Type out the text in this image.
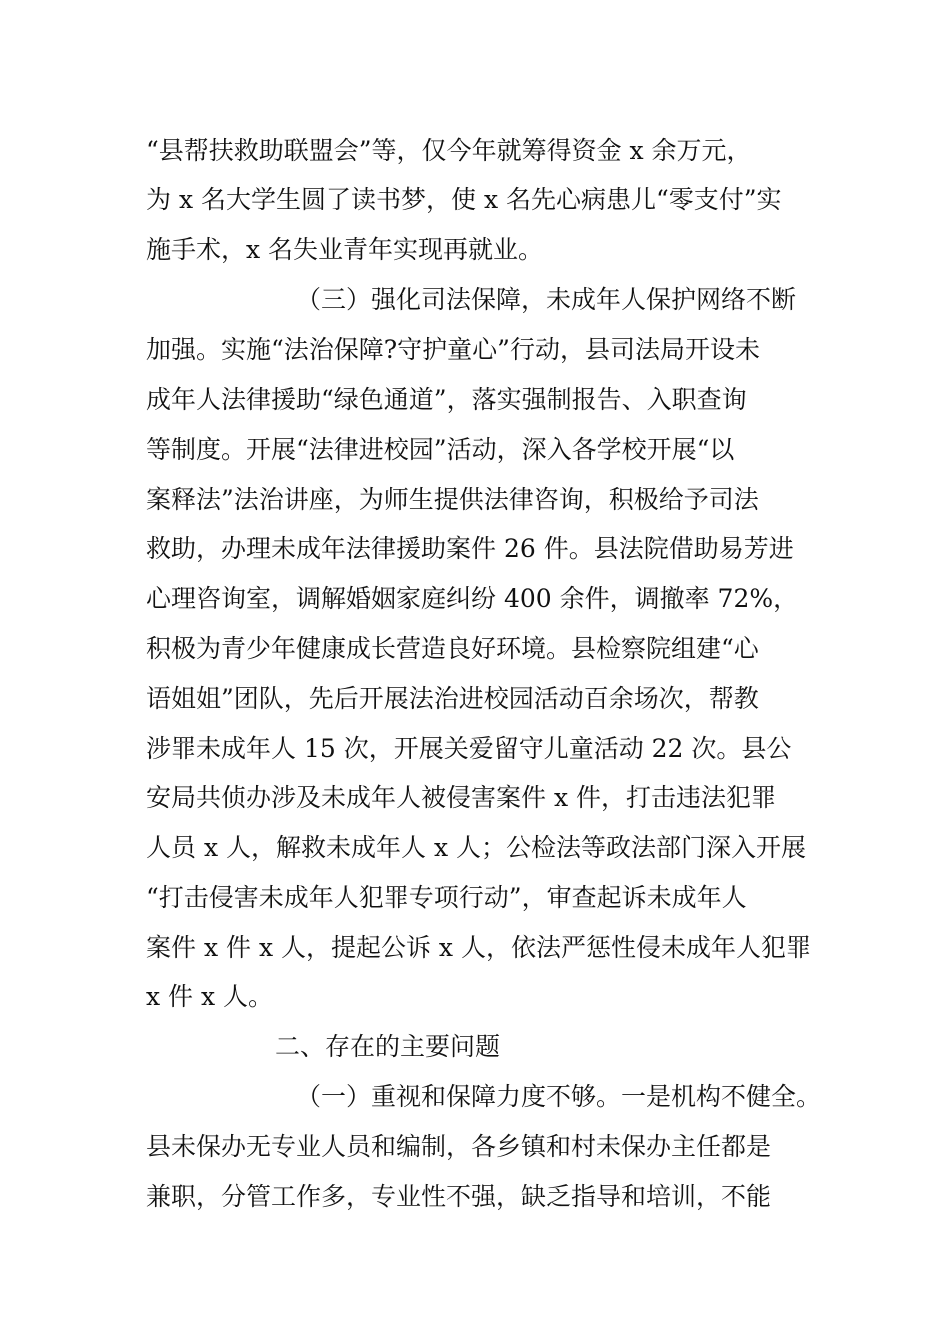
“县帮扶救助联盟会”等，仅今年就筹得资金 x 余万元，
为 x 名大学生圆了读书梦，使 x 名先心病患儿“零支付”实
施手术，x 名失业青年实现再就业。
（三）强化司法保障，未成年人保护网络不断
加强。实施“法治保障?守护童心”行动，县司法局开设未
成年人法律援助“绿色通道”，落实强制报告、入职查询
等制度。开展“法律进校园”活动，深入各学校开展“以
案释法”法治讲座，为师生提供法律咨询，积极给予司法
救助，办理未成年法律援助案件 26 件。县法院借助易芳进
心理咨询室，调解婚姻家庭纠纷 400 余件，调撤率 72%，
积极为青少年健康成长营造良好环境。县检察院组建“心
语姐姐”团队，先后开展法治进校园活动百余场次，帮教
涉罪未成年人 15 次，开展关爱留守儿童活动 22 次。县公
安局共侦办涉及未成年人被侵害案件 x 件，打击违法犯罪
人员 x 人，解救未成年人 x 人；公检法等政法部门深入开展
“打击侵害未成年人犯罪专项行动”，审查起诉未成年人
案件 x 件 x 人，提起公诉 x 人，依法严惩性侵未成年人犯罪
x 件 x 人。
二、存在的主要问题
（一）重视和保障力度不够。一是机构不健全。
县未保办无专业人员和编制，各乡镇和村未保办主任都是
兼职，分管工作多，专业性不强，缺乏指导和培训，不能
